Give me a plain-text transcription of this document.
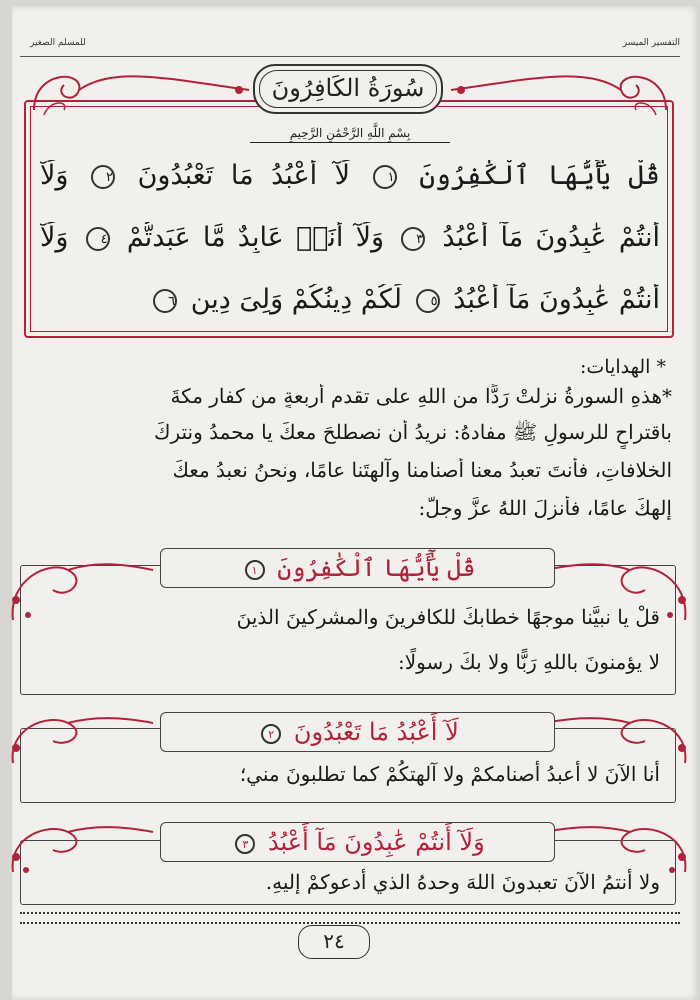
التفسير الميسر
للمسلم الصغير
سُورَةُ الكَافِرُونَ
بِسْمِ اللَّهِ الرَّحْمَٰنِ الرَّحِيمِ
قُلْ يَٰٓأَيُّهَا ٱلْكَٰفِرُونَ ١ لَآ أَعْبُدُ مَا تَعْبُدُونَ ٢ وَلَآ
أَنتُمْ عَٰبِدُونَ مَآ أَعْبُدُ ٣ وَلَآ أَنَا۠ عَابِدٌ مَّا عَبَدتُّمْ ٤ وَلَآ
أَنتُمْ عَٰبِدُونَ مَآ أَعْبُدُ ٥ لَكُمْ دِينُكُمْ وَلِىَ دِينِ ٦
* الهدايات:
*هذهِ السورةُ نزلتْ رَدًّا من اللهِ على تقدمِ أربعةٍ من كفارِ مكةَ
باقتراحٍ للرسولِ ﷺ مفادهُ: نريدُ أن نصطلحَ معكَ يا محمدُ ونتركَ
الخلافاتِ، فأنتَ تعبدُ معنا أصنامنا وآلهتَنا عامًا، ونحنُ نعبدُ معكَ
إلهكَ عامًا، فأنزلَ اللهُ عزَّ وجلَّ:
قُلْ يَٰٓأَيُّهَا ٱلْكَٰفِرُونَ ١
قلْ يا نبيَّنا موجهًا خطابكَ للكافرينَ والمشركينَ الذينَ
لا يؤمنونَ باللهِ رَبًّا ولا بكَ رسولًا:
لَآ أَعْبُدُ مَا تَعْبُدُونَ ٢
أنا الآنَ لا أعبدُ أصنامكمْ ولا آلهتكُمْ كما تطلبونَ مني؛
وَلَآ أَنتُمْ عَٰبِدُونَ مَآ أَعْبُدُ ٣
ولا أنتمُ الآنَ تعبدونَ اللهَ وحدهُ الذي أدعوكمْ إليهِ.
٢٤
